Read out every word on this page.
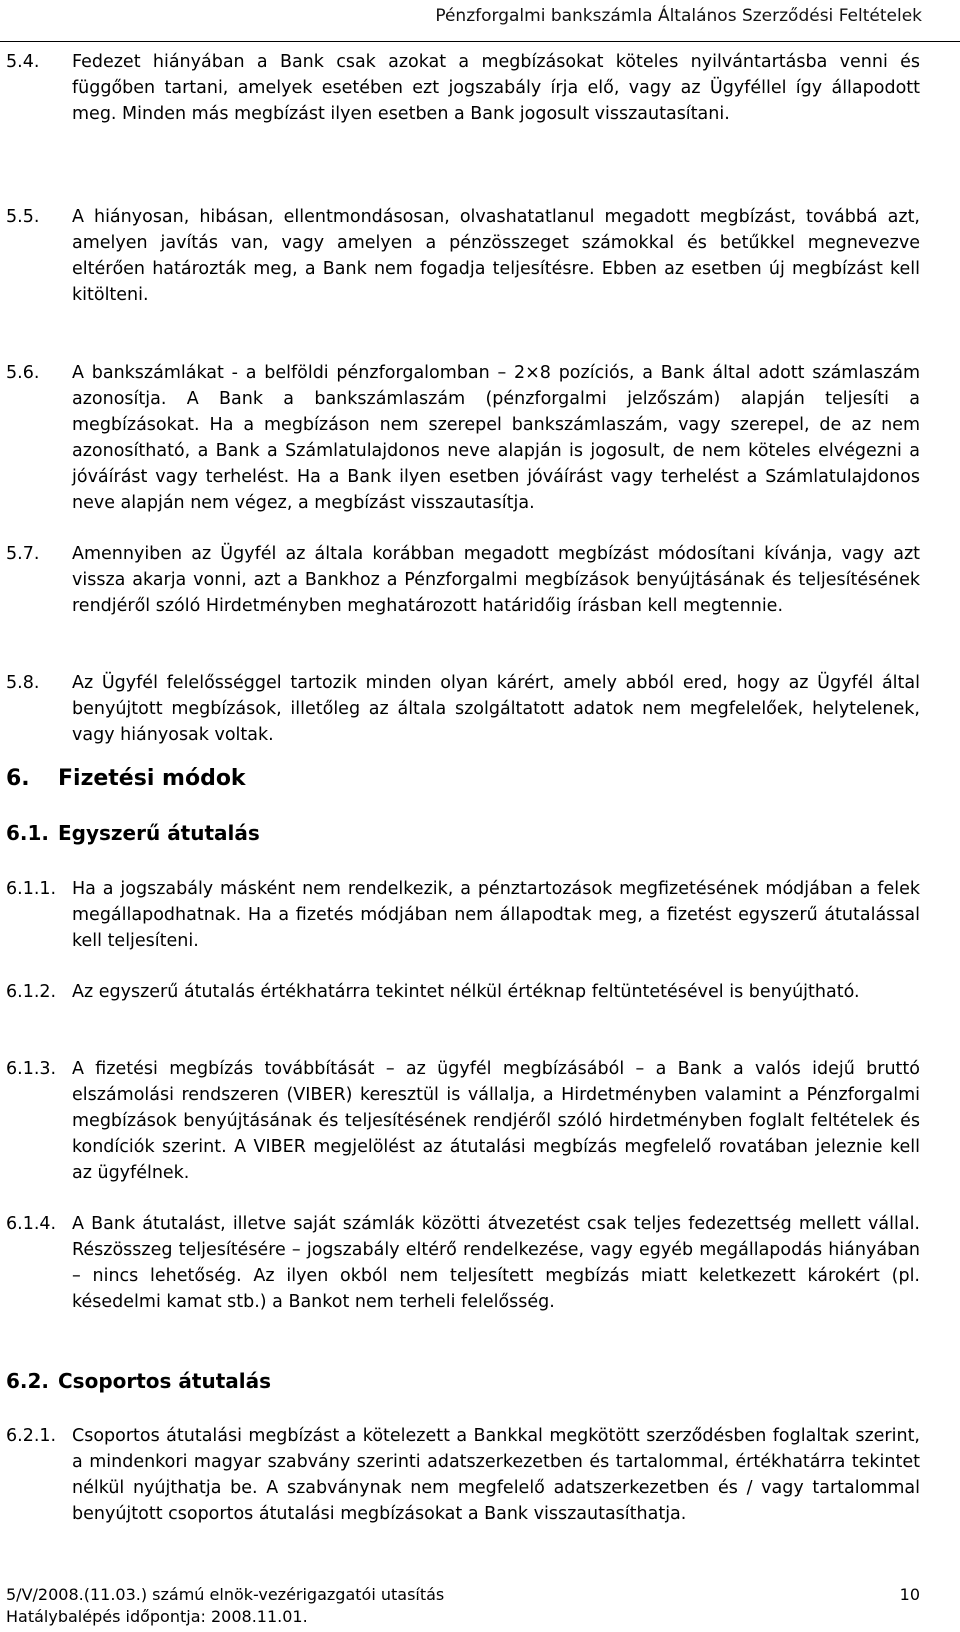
Pénzforgalmi bankszámla Általános Szerződési Feltételek
5.4. Fedezet hiányában a Bank csak azokat a megbízásokat köteles nyilvántartásba venni és függőben tartani, amelyek esetében ezt jogszabály írja elő, vagy az Ügyféllel így állapodott meg. Minden más megbízást ilyen esetben a Bank jogosult visszautasítani.
5.5. A hiányosan, hibásan, ellentmondásosan, olvashatatlanul megadott megbízást, továbbá azt, amelyen javítás van, vagy amelyen a pénzösszeget számokkal és betűkkel megnevezve eltérően határozták meg, a Bank nem fogadja teljesítésre. Ebben az esetben új megbízást kell kitölteni.
5.6. A bankszámlákat - a belföldi pénzforgalomban – 2×8 pozíciós, a Bank által adott számlaszám azonosítja. A Bank a bankszámlaszám (pénzforgalmi jelzőszám) alapján teljesíti a megbízásokat. Ha a megbízáson nem szerepel bankszámlaszám, vagy szerepel, de az nem azonosítható, a Bank a Számlatulajdonos neve alapján is jogosult, de nem köteles elvégezni a jóváírást vagy terhelést. Ha a Bank ilyen esetben jóváírást vagy terhelést a Számlatulajdonos neve alapján nem végez, a megbízást visszautasítja.
5.7. Amennyiben az Ügyfél az általa korábban megadott megbízást módosítani kívánja, vagy azt vissza akarja vonni, azt a Bankhoz a Pénzforgalmi megbízások benyújtásának és teljesítésének rendjéről szóló Hirdetményben meghatározott határidőig írásban kell megtennie.
5.8. Az Ügyfél felelősséggel tartozik minden olyan kárért, amely abból ered, hogy az Ügyfél által benyújtott megbízások, illetőleg az általa szolgáltatott adatok nem megfelelőek, helytelenek, vagy hiányosak voltak.
6. Fizetési módok
6.1. Egyszerű átutalás
6.1.1. Ha a jogszabály másként nem rendelkezik, a pénztartozások megfizetésének módjában a felek megállapodhatnak. Ha a fizetés módjában nem állapodtak meg, a fizetést egyszerű átutalással kell teljesíteni.
6.1.2. Az egyszerű átutalás értékhatárra tekintet nélkül értéknap feltüntetésével is benyújtható.
6.1.3. A fizetési megbízás továbbítását – az ügyfél megbízásából – a Bank a valós idejű bruttó elszámolási rendszeren (VIBER) keresztül is vállalja, a Hirdetményben valamint a Pénzforgalmi megbízások benyújtásának és teljesítésének rendjéről szóló hirdetményben foglalt feltételek és kondíciók szerint. A VIBER megjelölést az átutalási megbízás megfelelő rovatában jeleznie kell az ügyfélnek.
6.1.4. A Bank átutalást, illetve saját számlák közötti átvezetést csak teljes fedezettség mellett vállal. Részösszeg teljesítésére – jogszabály eltérő rendelkezése, vagy egyéb megállapodás hiányában – nincs lehetőség. Az ilyen okból nem teljesített megbízás miatt keletkezett károkért (pl. késedelmi kamat stb.) a Bankot nem terheli felelősség.
6.2. Csoportos átutalás
6.2.1. Csoportos átutalási megbízást a kötelezett a Bankkal megkötött szerződésben foglaltak szerint, a mindenkori magyar szabvány szerinti adatszerkezetben és tartalommal, értékhatárra tekintet nélkül nyújthatja be. A szabványnak nem megfelelő adatszerkezetben és / vagy tartalommal benyújtott csoportos átutalási megbízásokat a Bank visszautasíthatja.
5/V/2008.(11.03.) számú elnök-vezérigazgatói utasítás
Hatálybalépés időpontja: 2008.11.01.
10
